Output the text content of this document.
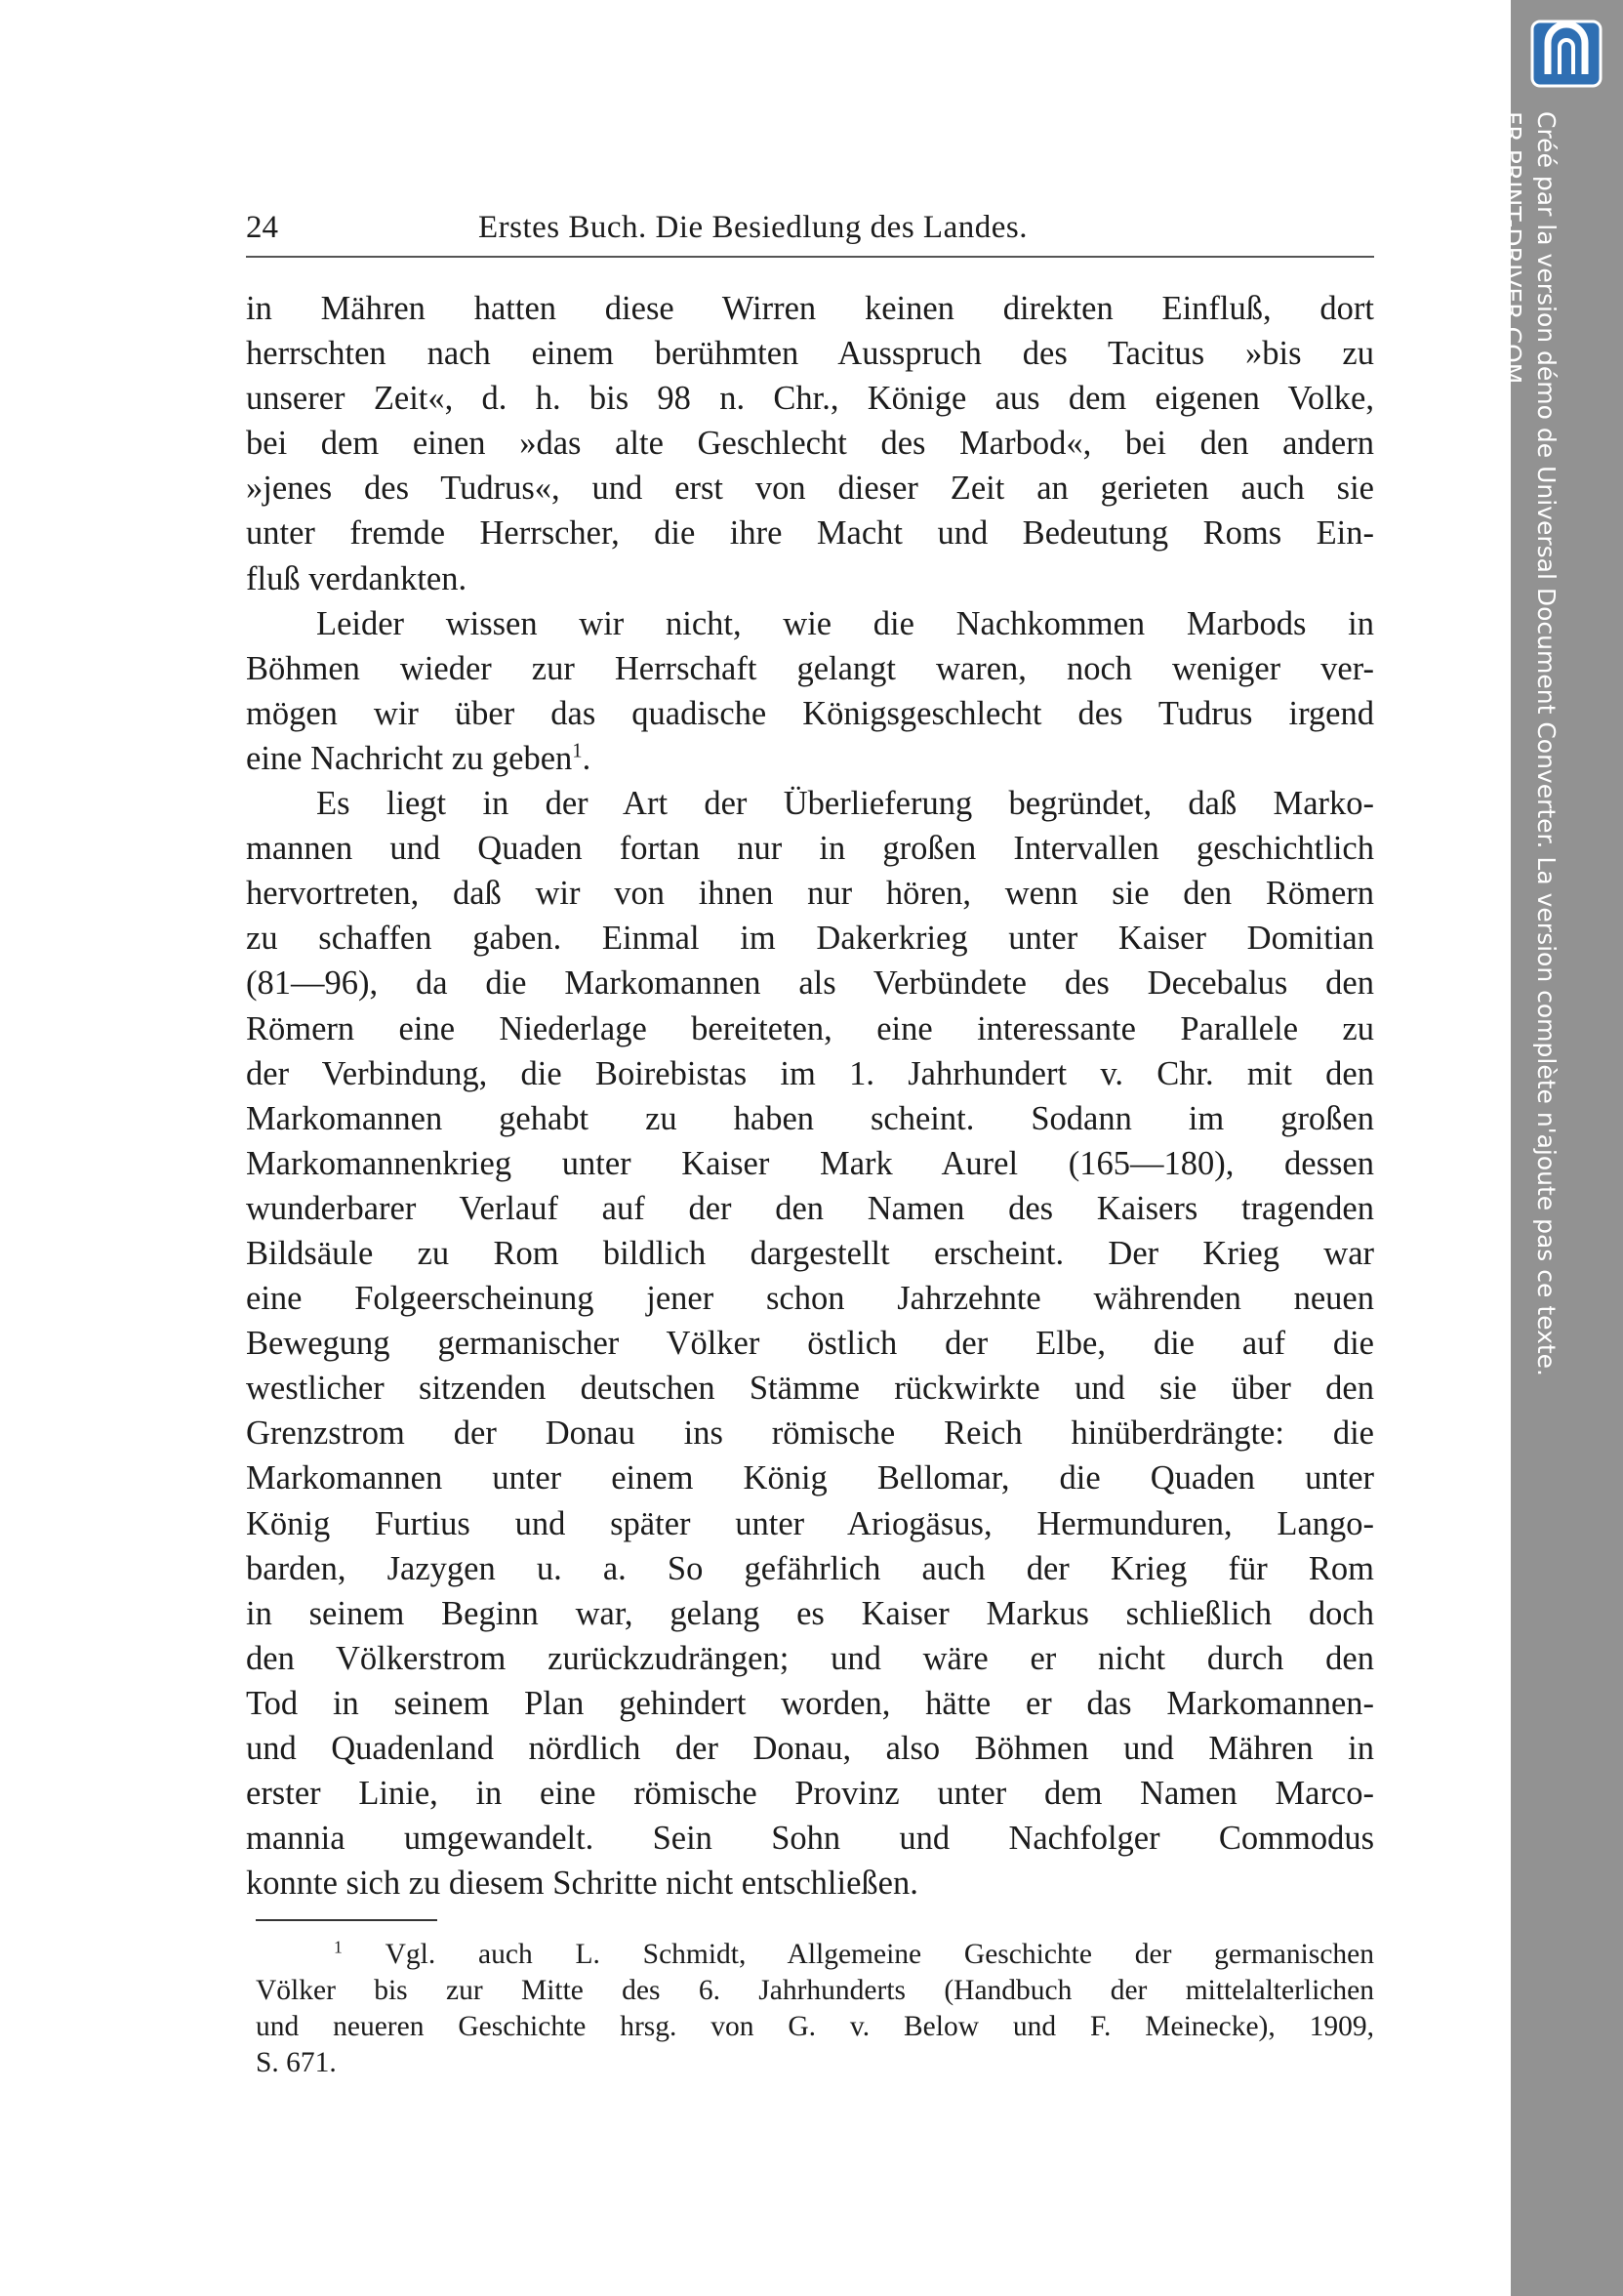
24	Erstes Buch. Die Besiedlung des Landes.
in Mähren hatten diese Wirren keinen direkten Einfluß, dort
herrschten nach einem berühmten Ausspruch des Tacitus »bis zu
unserer Zeit«, d. h. bis 98 n. Chr., Könige aus dem eigenen Volke,
bei dem einen »das alte Geschlecht des Marbod«, bei den andern
»jenes des Tudrus«, und erst von dieser Zeit an gerieten auch sie
unter fremde Herrscher, die ihre Macht und Bedeutung Roms Ein-
fluß verdankten.
Leider wissen wir nicht, wie die Nachkommen Marbods in
Böhmen wieder zur Herrschaft gelangt waren, noch weniger ver-
mögen wir über das quadische Königsgeschlecht des Tudrus irgend
eine Nachricht zu geben$^1$.
Es liegt in der Art der Überlieferung begründet, daß Marko-
mannen und Quaden fortan nur in großen Intervallen geschichtlich
hervortreten, daß wir von ihnen nur hören, wenn sie den Römern
zu schaffen gaben. Einmal im Dakerkrieg unter Kaiser Domitian
(81—96), da die Markomannen als Verbündete des Decebalus den
Römern eine Niederlage bereiteten, eine interessante Parallele zu
der Verbindung, die Boirebistas im 1. Jahrhundert v. Chr. mit den
Markomannen gehabt zu haben scheint. Sodann im großen
Markomannenkrieg unter Kaiser Mark Aurel (165—180), dessen
wunderbarer Verlauf auf der den Namen des Kaisers tragenden
Bildsäule zu Rom bildlich dargestellt erscheint. Der Krieg war
eine Folgeerscheinung jener schon Jahrzehnte währenden neuen
Bewegung germanischer Völker östlich der Elbe, die auf die
westlicher sitzenden deutschen Stämme rückwirkte und sie über den
Grenzstrom der Donau ins römische Reich hinüberdrängte: die
Markomannen unter einem König Bellomar, die Quaden unter
König Furtius und später unter Ariogäsus, Hermunduren, Lango-
barden, Jazygen u. a. So gefährlich auch der Krieg für Rom
in seinem Beginn war, gelang es Kaiser Markus schließlich doch
den Völkerstrom zurückzudrängen; und wäre er nicht durch den
Tod in seinem Plan gehindert worden, hätte er das Markomannen-
und Quadenland nördlich der Donau, also Böhmen und Mähren in
erster Linie, in eine römische Provinz unter dem Namen Marco-
mannia umgewandelt. Sein Sohn und Nachfolger Commodus
konnte sich zu diesem Schritte nicht entschließen.
$^1$ Vgl. auch L. Schmidt, Allgemeine Geschichte der germanischen
Völker bis zur Mitte des 6. Jahrhunderts (Handbuch der mittelalterlichen
und neueren Geschichte hrsg. von G. v. Below und F. Meinecke), 1909,
S. 671.
Créé par la version démo de Universal Document Converter. La version complète n'ajoute pas ce texte.
FR.PRINT-DRIVER.COM
